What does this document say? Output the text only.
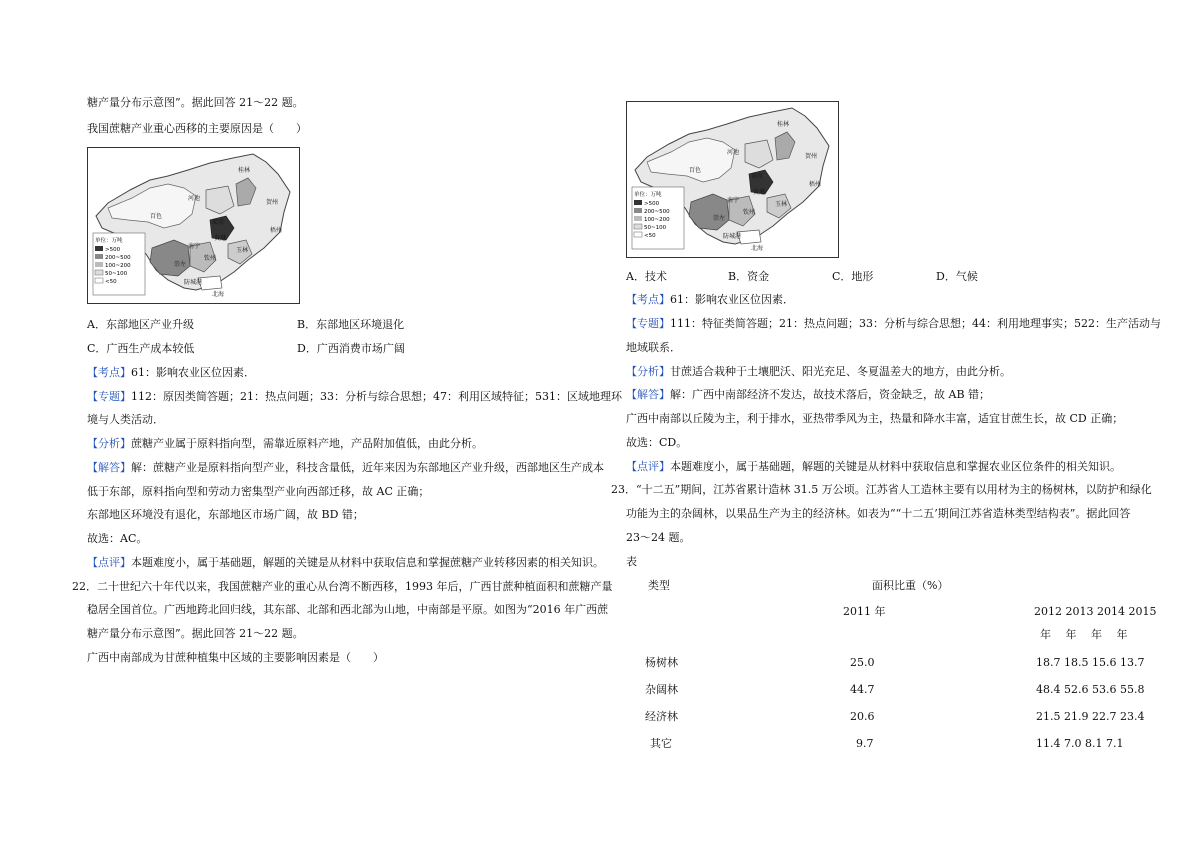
糖产量分布示意图”。据此回答 21～22 题。

我国蔗糖产业重心西移的主要原因是（　　）

单位：万吨
>500
200~500
100~200
50~100
<50
桂林
河池
贺州
百色
来宾
梧州
玉林
贵港
南宁
崇左
钦州
防城港
北海

A．东部地区产业升级	B．东部地区环境退化

C．广西生产成本较低	D．广西消费市场广阔

【考点】61：影响农业区位因素．

【专题】112：原因类简答题；21：热点问题；33：分析与综合思想；47：利用区域特征；531：区域地理环

境与人类活动．

【分析】蔗糖产业属于原料指向型，需靠近原料产地，产品附加值低，由此分析。

【解答】解：蔗糖产业是原料指向型产业，科技含量低，近年来因为东部地区产业升级，西部地区生产成本

低于东部，原料指向型和劳动力密集型产业向西部迁移，故 AC 正确；

东部地区环境没有退化，东部地区市场广阔，故 BD 错；

故选：AC。

【点评】本题难度小，属于基础题，解题的关键是从材料中获取信息和掌握蔗糖产业转移因素的相关知识。

22．二十世纪六十年代以来，我国蔗糖产业的重心从台湾不断西移，1993 年后，广西甘蔗种植面积和蔗糖产量

稳居全国首位。广西地跨北回归线，其东部、北部和西北部为山地，中南部是平原。如图为“2016 年广西蔗

糖产量分布示意图”。据此回答 21～22 题。

广西中南部成为甘蔗种植集中区域的主要影响因素是（　　）

单位：万吨
>500
200~500
100~200
50~100
<50
桂林
河池
贺州
百色
来宾
梧州
玉林
贵港
南宁
崇左
钦州
防城港
北海

A．技术	B．资金	C．地形	D．气候

【考点】61：影响农业区位因素．

【专题】111：特征类简答题；21：热点问题；33：分析与综合思想；44：利用地理事实；522：生产活动与

地域联系．

【分析】甘蔗适合栽种于土壤肥沃、阳光充足、冬夏温差大的地方，由此分析。

【解答】解：广西中南部经济不发达，故技术落后，资金缺乏，故 AB 错；

广西中南部以丘陵为主，利于排水，亚热带季风为主，热量和降水丰富，适宜甘蔗生长，故 CD 正确；

故选：CD。

【点评】本题难度小，属于基础题，解题的关键是从材料中获取信息和掌握农业区位条件的相关知识。

23．“十二五”期间，江苏省累计造林 31.5 万公顷。江苏省人工造林主要有以用材为主的杨树林，以防护和绿化

功能为主的杂阔林，以果品生产为主的经济林。如表为““十二五’期间江苏省造林类型结构表”。据此回答

23～24 题。

表

类型	面积比重（%）

2011 年	2012 2013 2014 2015

年　 年　 年　 年

杨树林	25.0	18.7 18.5 15.6 13.7

杂阔林	44.7	48.4 52.6 53.6 55.8

经济林	20.6	21.5 21.9 22.7 23.4

其它	9.7	11.4 7.0 8.1 7.1
